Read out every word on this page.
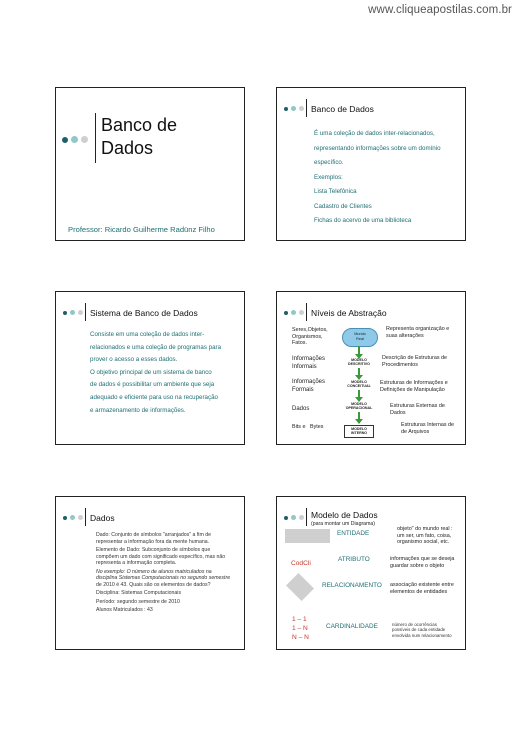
www.cliqueapostilas.com.br
Banco de
Dados
Professor: Ricardo Guilherme Radünz Filho
Banco de Dados

É uma coleção de dados inter-relacionados,

representando informações sobre um domínio

específico.

Exemplos:

Lista Telefônica

Cadastro de Clientes

Fichas do acervo de uma biblioteca

Sistema de Banco de Dados

Consiste em uma coleção de dados inter-

relacionados e uma coleção de programas para

prover o acesso a esses dados.

O objetivo principal de um sistema de banco

de dados é possibilitar um ambiente que seja

adequado e eficiente para uso na recuperação

e armazenamento de informações.

Níveis de Abstração
Seres,Objetos,
Organismos,
Fatos.
Informações
Informais
Informações
Formais
Dados
Bits e   Bytes
Mundo Real
MODELO DESCRITIVO
MODELO CONCEITUAL
MODELO OPERACIONAL
MODELO INTERNO
Representa organização e
suas alterações
Descrição de Estruturas de
Procedimentos
Estruturas de Informações e
Definições de Manipulação
Estruturas Externas de
Dados
Estruturas Internas de
de Arquivos
Dados
Dado: Conjunto de símbolos "arranjados" a fim de
representar a informação fora da mente humana.
Elemento de Dado: Subconjunto de símbolos que
compõem um dado com significado específico, mas não
representa a informação completa.
No exemplo: O número de alunos matriculados na
disciplina Sistemas Computacionais no segundo semestre
de 2010 é 43. Quais são os elementos de dados?
Disciplina: Sistemas Computacionais
Período: segundo semestre de 2010
Alunos Matriculados : 43
Modelo de Dados
(para montar um Diagrama)
ENTIDADE
objeto" do mundo real :
um ser, um fato, coisa,
organismo social, etc.
CodCli
ATRIBUTO	informações que se deseja
guardar sobre o objeto
RELACIONAMENTO associação existente entre
elementos de entidades
1 – 1
1 – N
N – N
CARDINALIDADE	número de ocorrências
possíveis de cada entidade
envolvida num relacionamento
